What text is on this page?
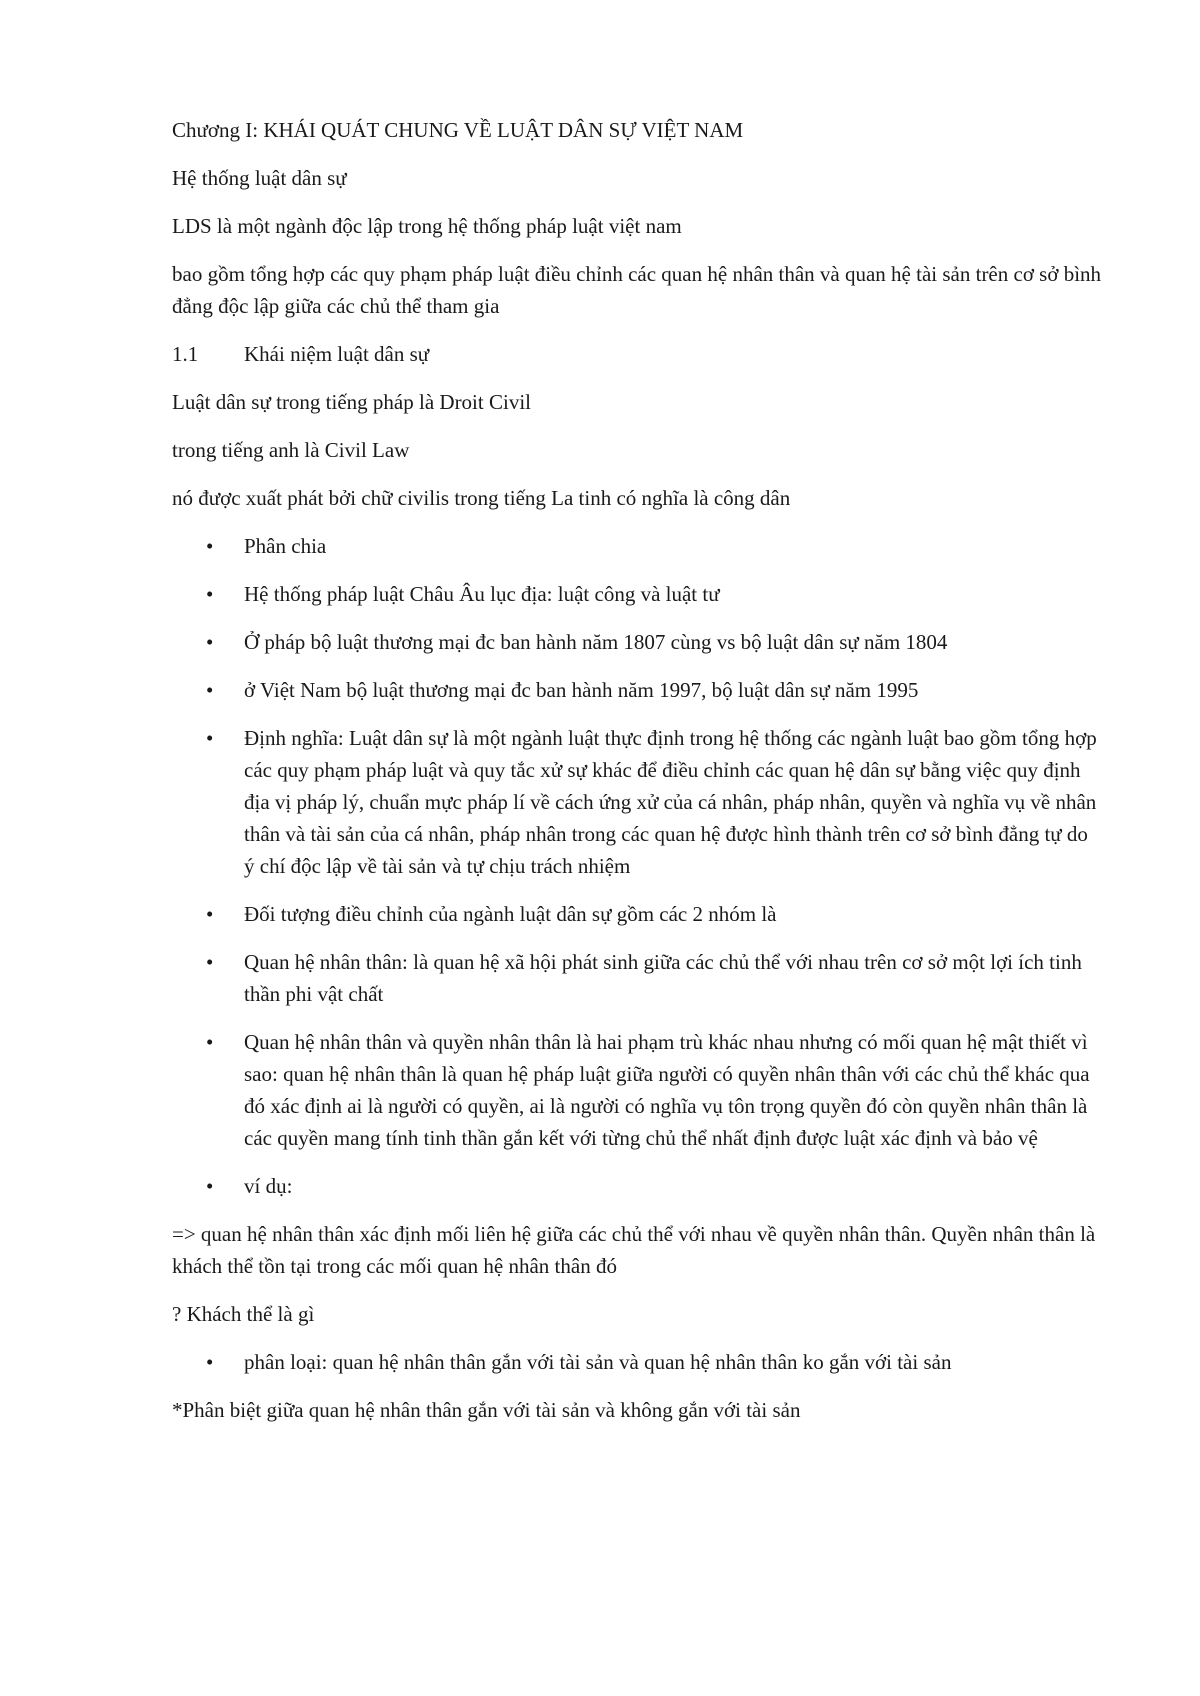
Chương I: KHÁI QUÁT CHUNG VỀ LUẬT DÂN SỰ VIỆT NAM

Hệ thống luật dân sự

LDS là một ngành độc lập trong hệ thống pháp luật việt nam

bao gồm tổng hợp các quy phạm pháp luật điều chỉnh các quan hệ nhân thân và quan hệ tài sản trên cơ sở bình đẳng độc lập giữa các chủ thể tham gia

1.1	Khái niệm luật dân sự

Luật dân sự trong tiếng pháp là Droit Civil

trong tiếng anh là Civil Law

nó được xuất phát bởi chữ civilis trong tiếng La tinh có nghĩa là công dân

• Phân chia
• Hệ thống pháp luật Châu Âu lục địa: luật công và luật tư
• Ở pháp bộ luật thương mại đc ban hành năm 1807 cùng vs bộ luật dân sự năm 1804
• ở Việt Nam bộ luật thương mại đc ban hành năm 1997, bộ luật dân sự năm 1995
• Định nghĩa: Luật dân sự là một ngành luật thực định trong hệ thống các ngành luật bao gồm tổng hợp các quy phạm pháp luật và quy tắc xử sự khác để điều chỉnh các quan hệ dân sự bằng việc quy định địa vị pháp lý, chuẩn mực pháp lí về cách ứng xử của cá nhân, pháp nhân, quyền và nghĩa vụ về nhân thân và tài sản của cá nhân, pháp nhân trong các quan hệ được hình thành trên cơ sở bình đẳng tự do ý chí độc lập về tài sản và tự chịu trách nhiệm
• Đối tượng điều chỉnh của ngành luật dân sự gồm các 2 nhóm là
• Quan hệ nhân thân: là quan hệ xã hội phát sinh giữa các chủ thể với nhau trên cơ sở một lợi ích tinh thần phi vật chất
• Quan hệ nhân thân và quyền nhân thân là hai phạm trù khác nhau nhưng có mối quan hệ mật thiết vì sao: quan hệ nhân thân là quan hệ pháp luật giữa người có quyền nhân thân với các chủ thể khác qua đó xác định ai là người có quyền, ai là người có nghĩa vụ tôn trọng quyền đó còn quyền nhân thân là các quyền mang tính tinh thần gắn kết với từng chủ thể nhất định được luật xác định và bảo vệ
• ví dụ:

=> quan hệ nhân thân xác định mối liên hệ giữa các chủ thể với nhau về quyền nhân thân. Quyền nhân thân là khách thể tồn tại trong các mối quan hệ nhân thân đó

? Khách thể là gì

• phân loại: quan hệ nhân thân gắn với tài sản và quan hệ nhân thân ko gắn với tài sản

*Phân biệt giữa quan hệ nhân thân gắn với tài sản và không gắn với tài sản
